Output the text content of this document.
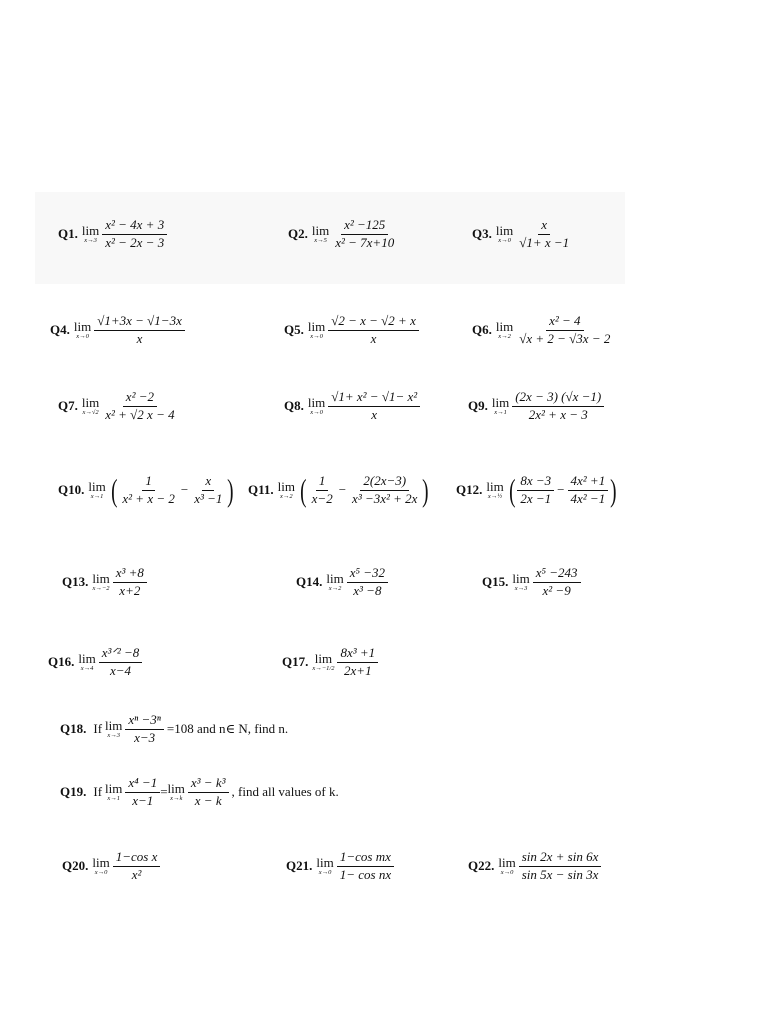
Q1. lim
$x\to 3 \frac{\text{x² − 4x + 3}}{\text{x² − 2x − 3}}$	Q2. lim
$x\to 5 \frac{\text{x² −125}}{\text{x² − 7x+10}}$	Q3. lim
$x\to 0 \frac{x}{√1+ x -1}$
Q4. lim
$x\to 0 \frac{√1+3x - √1-3x}{x}$	Q5. lim
$x\to 0 \frac{√2 - x - √2 + x}{x}$	Q6. lim
$x\to 2 \frac{\text{x² − 4}}{√x + 2 - √3x - 2}$
Q7. lim
$x\to√2 \frac{\text{x² −2}}{\text{x² + √2 x − 4}}$	Q8. lim
$x\to 0 \frac{\text{√1+ x² − √1− x²}}{x}$	Q9. lim
$x\to 1 \frac{(2x - 3) (√x -1)}{\text{2x² + x − 3}}$
Q10. lim
x→1 ( $\frac{1}{\text{x² + x − 2}} - \frac{x}{\text{x³ −1}}$ ) Q11. lim
x→2 ( $\frac{1}{x-2} - \frac{2(2x-3)}{\text{x³ −3x² + 2x}}$ ) Q12. lim
x→½ ( $\frac{8x -3}{2x -1} - \frac{\text{4x² +1}}{\text{4x² −1}}$ )
Q13. lim
$x\to-2 \frac{\text{x³ +8}}{x+2}$	Q14. lim
$x\to 2 \frac{\text{x⁵ −32}}{\text{x³ −8}}$	Q15. lim
$x\to 3 \frac{\text{x⁵ −243}}{\text{x² −9}}$
Q16. lim
$x\to 4 \frac{\text{x³ᐟ² −8}}{x-4}$	Q17. lim
$x\to-1/2 \frac{\text{8x³ +1}}{2x+1}$
Q18. If lim
$x\to 3 \frac{\text{xⁿ −3ⁿ}}{x-3} =108$ and n∈ N, find n.
Q19. If lim
$x\to 1 \frac{\text{x⁴ −1}}{x-1} = \lim$
$x\to k \frac{\text{x³ − k³}}{x - k}$ , find all values of k.
Q20. lim
$x\to 0 \frac{\text{1−cos x}}{\text{x²}}$	Q21. lim
$x\to 0 \frac{\text{1−cos mx}}{\text{1− cos nx}}$	Q22. lim
$x\to 0 \frac{\sin 2x + \sin 6x}{\sin 5x - \sin 3x}$
